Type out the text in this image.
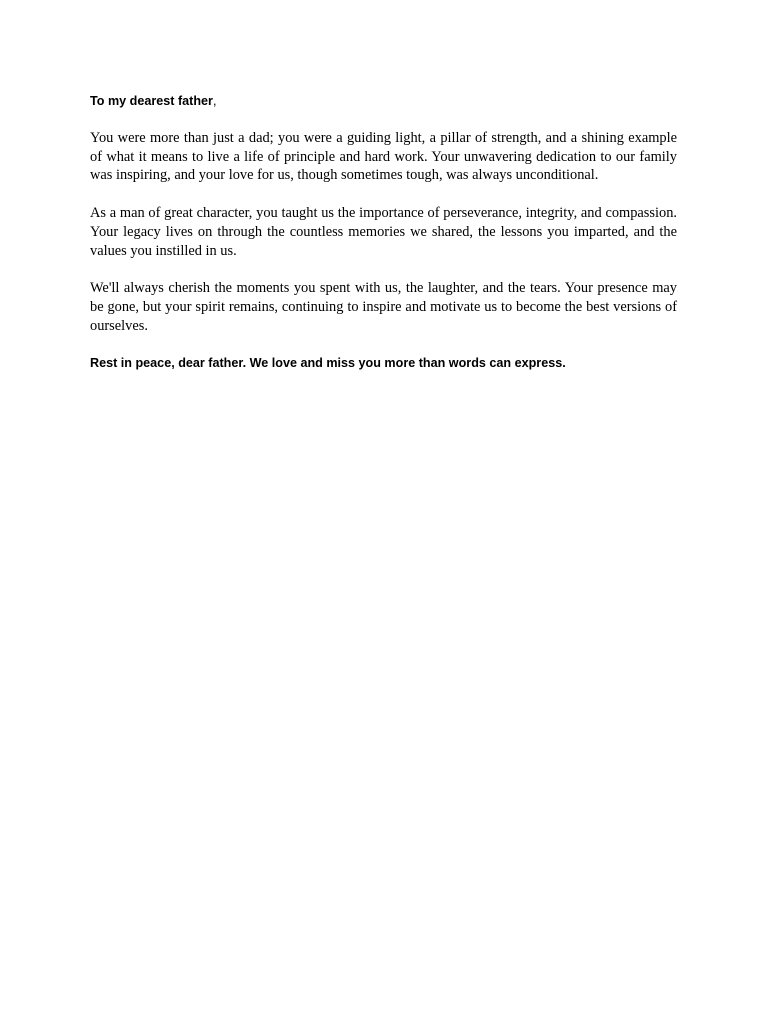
To my dearest father,

You were more than just a dad; you were a guiding light, a pillar of strength, and a shining example of what it means to live a life of principle and hard work. Your unwavering dedication to our family was inspiring, and your love for us, though sometimes tough, was always unconditional.

As a man of great character, you taught us the importance of perseverance, integrity, and compassion. Your legacy lives on through the countless memories we shared, the lessons you imparted, and the values you instilled in us.

We'll always cherish the moments you spent with us, the laughter, and the tears. Your presence may be gone, but your spirit remains, continuing to inspire and motivate us to become the best versions of ourselves.

Rest in peace, dear father. We love and miss you more than words can express.
